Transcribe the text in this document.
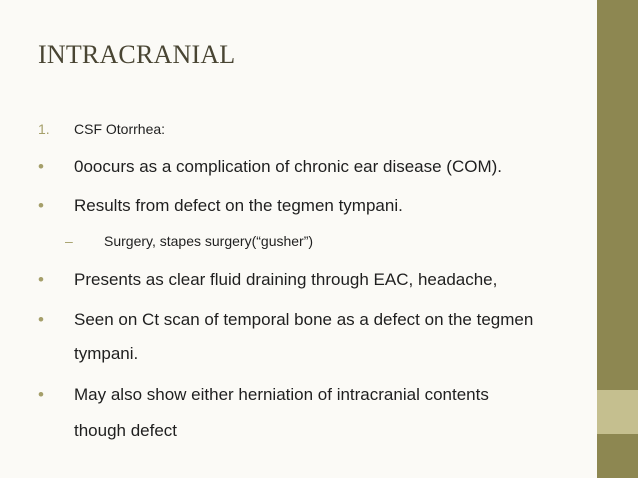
INTRACRANIAL
1. CSF Otorrhea:
• 0oocurs as a complication of chronic ear disease (COM).
• Results from defect on the tegmen tympani.
– Surgery, stapes surgery(“gusher”)
• Presents as clear fluid draining through EAC, headache,
• Seen on Ct scan of temporal bone as a defect on the tegmen
tympani.
• May also show either herniation of intracranial contents
though defect
